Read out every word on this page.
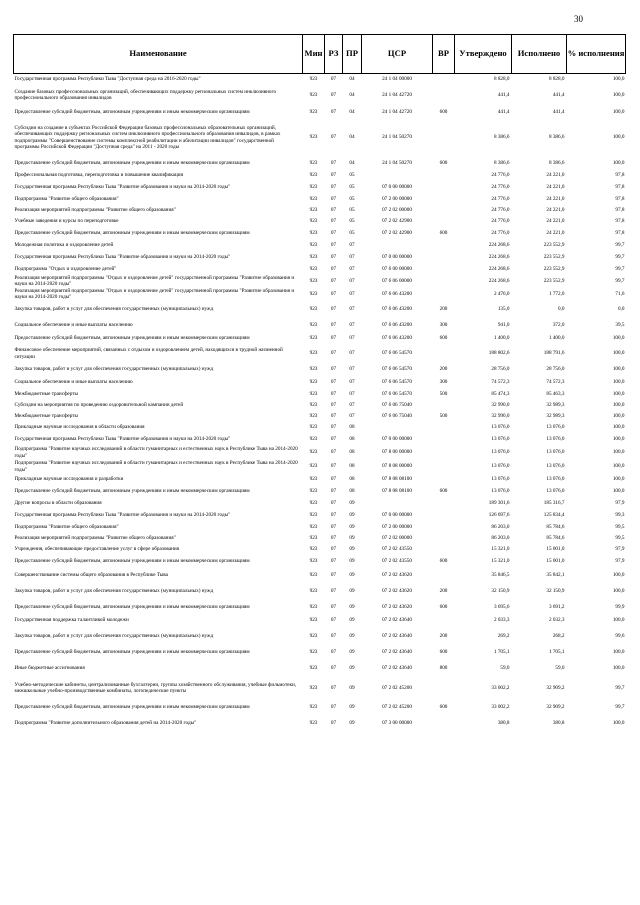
30
Наименование	Мин	РЗ	ПР	ЦСР	ВР	Утверждено	Исполнено	% исполнения
Государственная программа Республики Тыва "Доступная среда на 2016-2020 годы"	923	07	04	24 1 04 00000		8 828,0	8 828,0	100,0
Создание базовых профессиональных организаций, обеспечивающих поддержку региональных систем инклюзивного профессионального образования инвалидов	923	07	04	24 1 04 42720		441,4	441,4	100,0
Предоставление субсидий бюджетным, автономным учреждениям и иным некоммерческим организациям	923	07	04	24 1 04 42720	600	441,4	441,4	100,0
Субсидии на создание в субъектах Российской Федерации базовых профессиональных образовательных организаций, обеспечивающих поддержку региональных систем инклюзивного профессионального образования инвалидов, в рамках подпрограммы "Совершенствование системы комплексной реабилитации и абилитации инвалидов" государственной программы Российской Федерации "Доступная среда" на 2011 - 2020 годы	923	07	04	24 1 04 50270		8 386,6	8 386,6	100,0
Предоставление субсидий бюджетным, автономным учреждениям и иным некоммерческим организациям	923	07	04	24 1 04 50270	600	8 386,6	8 386,6	100,0
Профессиональная подготовка, переподготовка и повышение квалификации	923	07	05			24 776,0	24 221,0	97,8
Государственная программа Республики Тыва "Развитие образования и науки на 2014-2020 годы"	923	07	05	07 0 00 00000		24 776,0	24 221,0	97,8
Подпрограмма "Развитие общего образования"	923	07	05	07 2 00 00000		24 776,0	24 221,0	97,8
Реализация мероприятий подпрограммы "Развитие общего образования"	923	07	05	07 2 02 00000		24 776,0	24 221,0	97,8
Учебные заведения и курсы по переподготовке	923	07	05	07 2 02 42900		24 776,0	24 221,0	97,8
Предоставление субсидий бюджетным, автономным учреждениям и иным некоммерческим организациям	923	07	05	07 2 02 42900	600	24 776,0	24 221,0	97,8
Молодежная политика и оздоровление детей	923	07	07			224 268,6	223 552,9	99,7
Государственная программа Республики Тыва "Развитие образования и науки на 2014-2020 годы"	923	07	07	07 0 00 00000		224 268,6	223 552,9	99,7
Подпрограмма "Отдых и оздоровление детей"	923	07	07	07 6 00 00000		224 268,6	223 552,9	99,7
Реализация мероприятий подпрограммы "Отдых и оздоровление детей" государственной программы "Развитие образования и науки на 2014-2020 годы"	923	07	07	07 6 06 00000		224 268,6	223 552,9	99,7
Реализация мероприятий подпрограммы "Отдых и оздоровление детей" государственной программы "Развитие образования и науки на 2014-2020 годы"	923	07	07	07 6 06 43200		2 476,0	1 772,0	71,6
Закупка товаров, работ и услуг для обеспечения государственных (муниципальных) нужд	923	07	07	07 6 06 43200	200	135,0	0,0	0,0
Социальное обеспечение и иные выплаты населению	923	07	07	07 6 06 43200	300	941,0	372,0	39,5
Предоставление субсидий бюджетным, автономным учреждениям и иным некоммерческим организациям	923	07	07	07 6 06 43200	600	1 400,0	1 400,0	100,0
Финансовое обеспечение мероприятий, связанных с отдыхом и оздоровлением детей, находящихся в трудной жизненной ситуации	923	07	07	07 6 06 54570		188 802,6	188 791,6	100,0
Закупка товаров, работ и услуг для обеспечения государственных (муниципальных) нужд	923	07	07	07 6 06 54570	200	28 756,0	28 756,0	100,0
Социальное обеспечение и иные выплаты населению	923	07	07	07 6 06 54570	300	74 572,3	74 572,3	100,0
Межбюджетные трансферты	923	07	07	07 6 06 54570	500	85 474,3	85 463,3	100,0
Субсидии на мероприятия по проведению оздоровительной кампании детей	923	07	07	07 6 06 75040		32 990,0	32 989,3	100,0
Межбюджетные трансферты	923	07	07	07 6 06 75040	500	32 990,0	32 989,3	100,0
Прикладные научные исследования в области образования	923	07	08			13 076,0	13 076,0	100,0
Государственная программа Республики Тыва "Развитие образования и науки на 2014-2020 годы"	923	07	08	07 0 00 00000		13 076,0	13 076,0	100,0
Подпрограмма "Развитие научных исследований в области гуманитарных и естественных наук в Республике Тыва на 2014-2020 годы"	923	07	08	07 8 00 00000		13 076,0	13 076,0	100,0
Подпрограмма "Развитие научных исследований в области гуманитарных и естественных наук в Республике Тыва на 2014-2020 годы"	923	07	08	07 8 08 00000		13 076,0	13 076,0	100,0
Прикладные научные исследования и разработки	923	07	08	07 8 08 08100		13 076,0	13 076,0	100,0
Предоставление субсидий бюджетным, автономным учреждениям и иным некоммерческим организациям	923	07	08	07 8 08 08100	600	13 076,0	13 076,0	100,0
Другие вопросы в области образования	923	07	09			189 301,6	185 316,7	97,9
Государственная программа Республики Тыва "Развитие образования и науки на 2014-2020 годы"	923	07	09	07 0 00 00000		126 697,6	125 834,4	99,3
Подпрограмма "Развитие общего образования"	923	07	09	07 2 00 00000		86 203,0	85 784,6	99,5
Реализация мероприятий подпрограммы "Развитие общего образования"	923	07	09	07 2 02 00000		86 203,0	85 784,6	99,5
Учреждения, обеспечивающие предоставление услуг в сфере образования	923	07	09	07 2 02 43550		15 321,0	15 001,0	97,9
Предоставление субсидий бюджетным, автономным учреждениям и иным некоммерческим организациям	923	07	09	07 2 02 43550	600	15 321,0	15 001,0	97,9
Совершенствование системы общего образования в Республике Тыва	923	07	09	07 2 02 43620		35 846,5	35 842,1	100,0
Закупка товаров, работ и услуг для обеспечения государственных (муниципальных) нужд	923	07	09	07 2 02 43620	200	32 150,9	32 150,9	100,0
Предоставление субсидий бюджетным, автономным учреждениям и иным некоммерческим организациям	923	07	09	07 2 02 43620	600	3 695,6	3 691,2	99,9
Государственная поддержка талантливой молодежи	923	07	09	07 2 02 43640		2 033,3	2 032,3	100,0
Закупка товаров, работ и услуг для обеспечения государственных (муниципальных) нужд	923	07	09	07 2 02 43640	200	269,2	268,2	99,6
Предоставление субсидий бюджетным, автономным учреждениям и иным некоммерческим организациям	923	07	09	07 2 02 43640	600	1 705,1	1 705,1	100,0
Иные бюджетные ассигнования	923	07	09	07 2 02 43640	800	59,0	59,0	100,0
Учебно-методические кабинеты, централизованные бухгалтерии, группы хозяйственного обслуживания, учебные фильмотеки, межшкольные учебно-производственные комбинаты, логопедические пункты	923	07	09	07 2 02 45200		33 002,2	32 909,2	99,7
Предоставление субсидий бюджетным, автономным учреждениям и иным некоммерческим организациям	923	07	09	07 2 02 45200	600	33 002,2	32 909,2	99,7
Подпрограмма "Развитие дополнительного образования детей на 2014-2020 годы"	923	07	09	07 3 00 00000		380,8	380,8	100,0
